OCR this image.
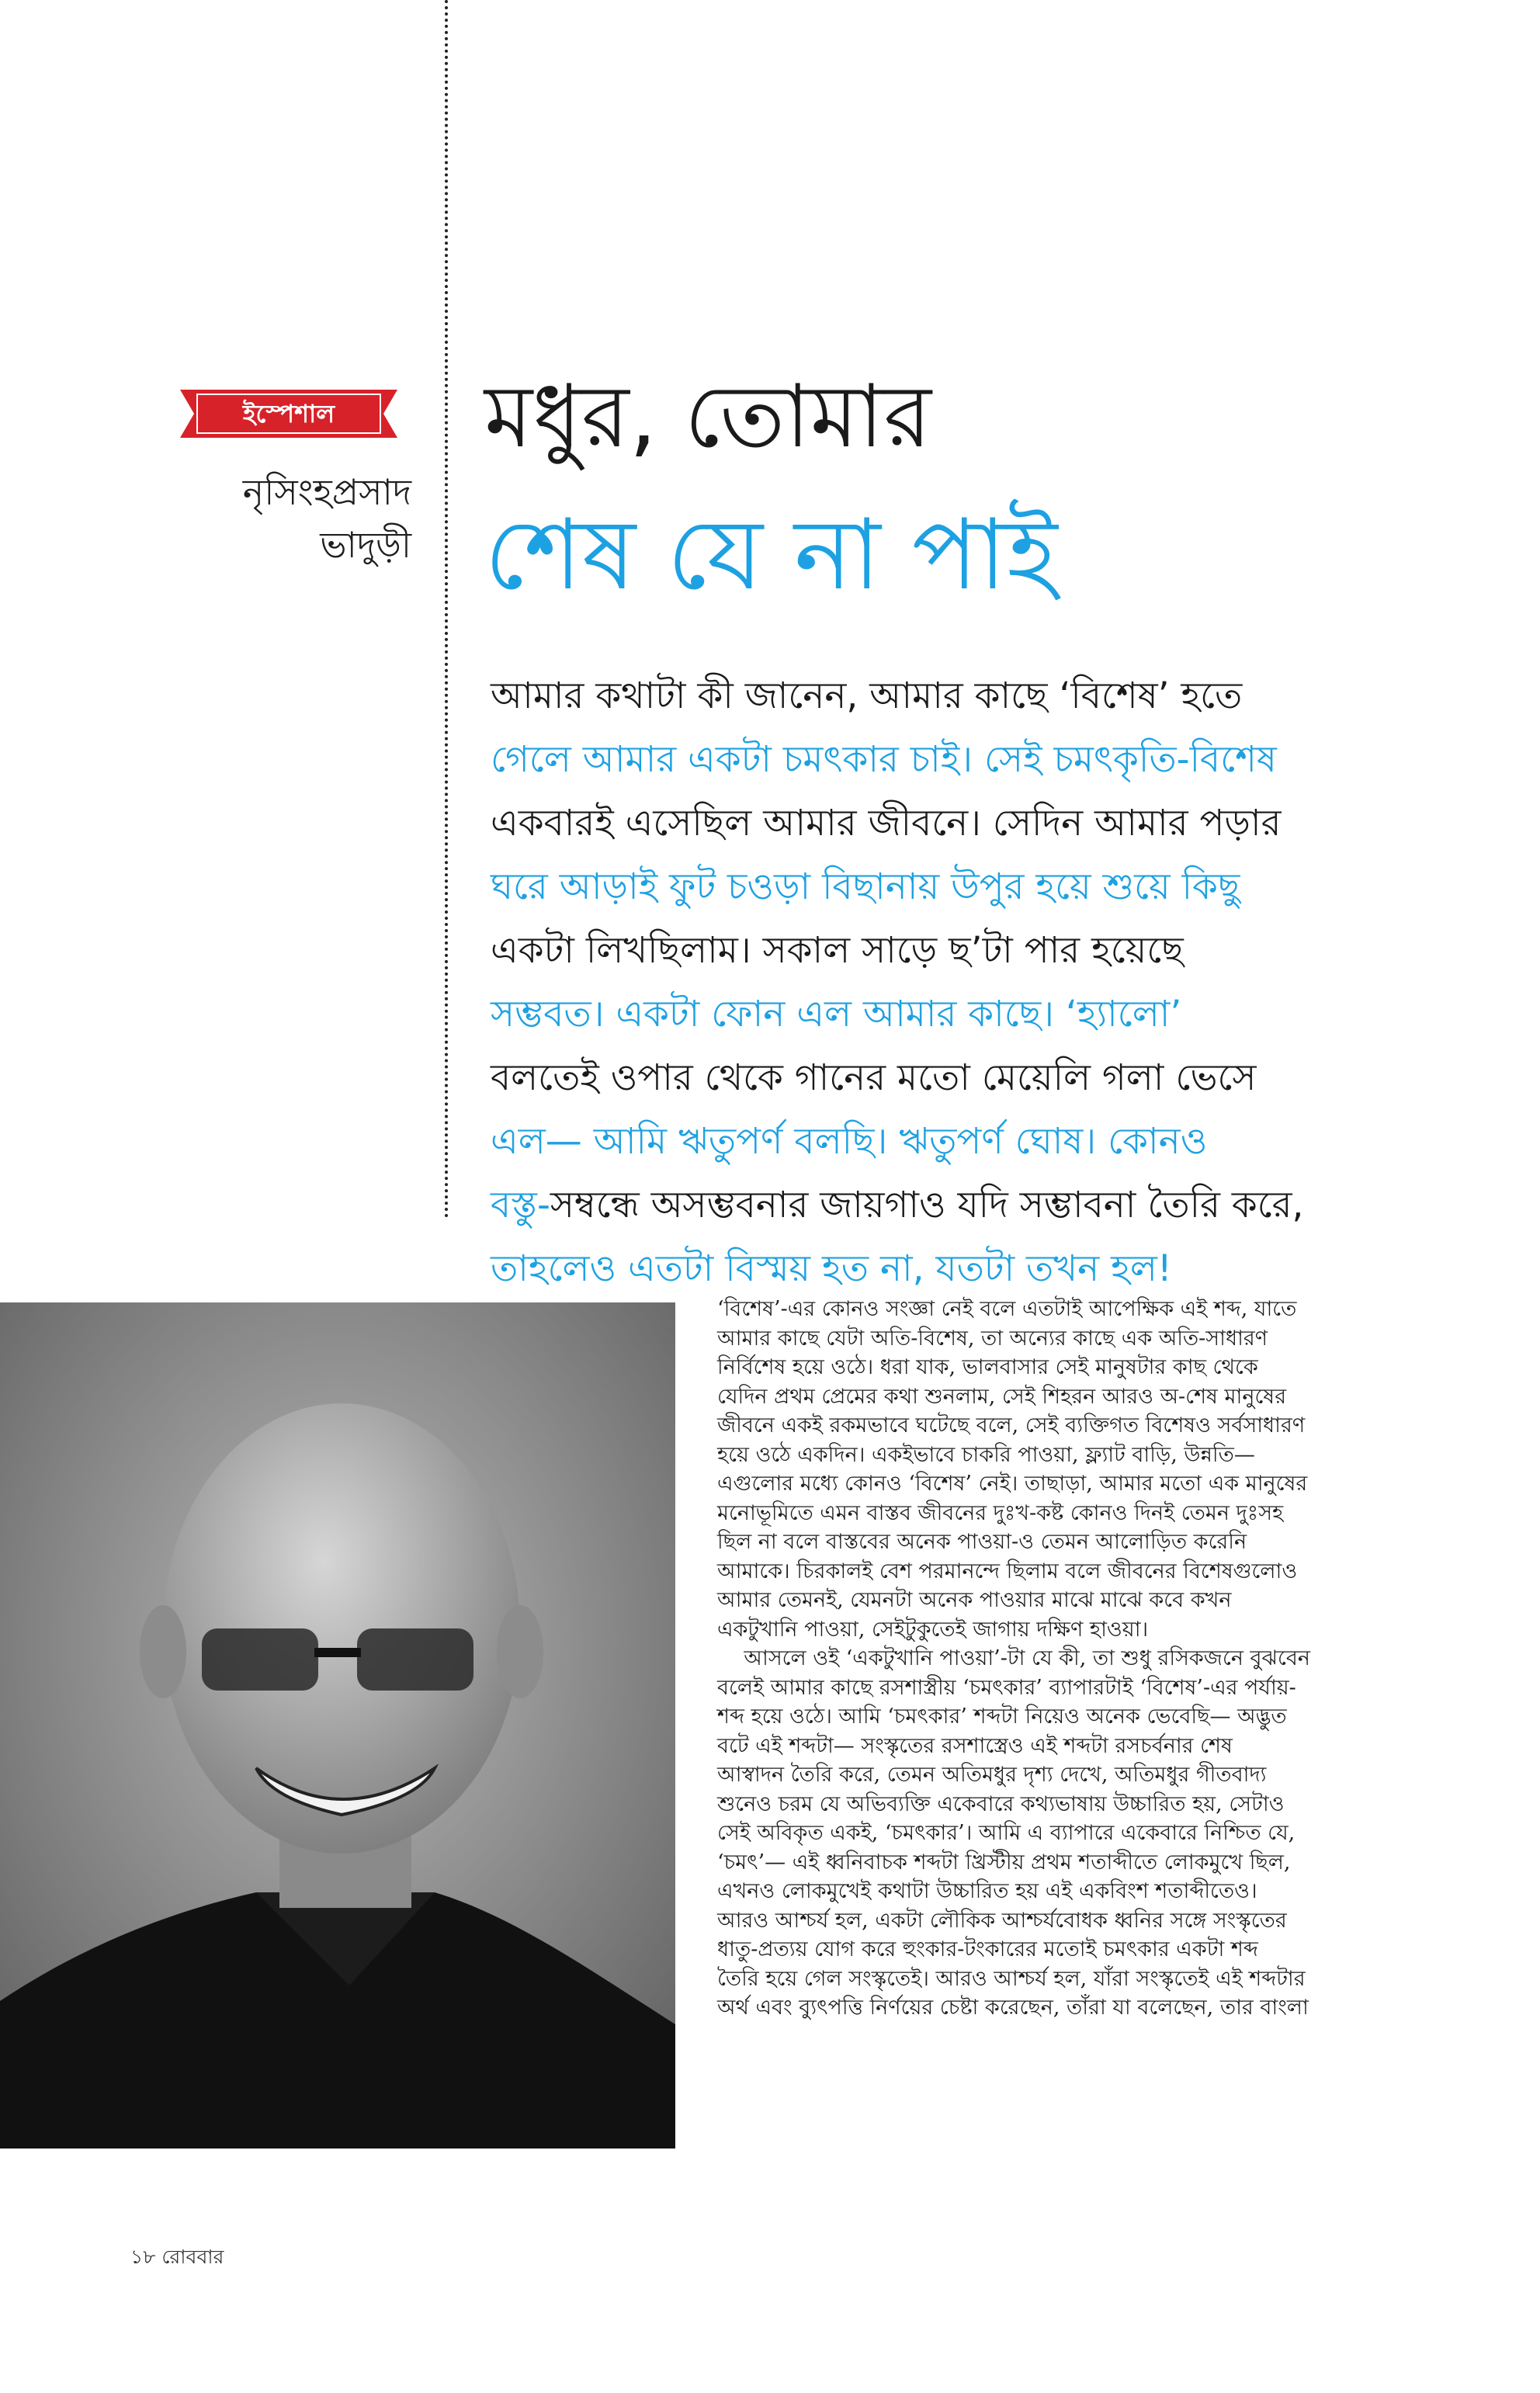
ইস্পেশাল
নৃসিংহপ্রসাদ
ভাদুড়ী
মধুর, তোমার
শেষ যে না পাই
আমার কথাটা কী জানেন, আমার কাছে ‘বিশেষ’ হতে
গেলে আমার একটা চমৎকার চাই। সেই চমৎকৃতি-বিশেষ
একবারই এসেছিল আমার জীবনে। সেদিন আমার পড়ার
ঘরে আড়াই ফুট চওড়া বিছানায় উপুর হয়ে শুয়ে কিছু
একটা লিখছিলাম। সকাল সাড়ে ছ’টা পার হয়েছে
সম্ভবত। একটা ফোন এল আমার কাছে। ‘হ্যালো’
বলতেই ওপার থেকে গানের মতো মেয়েলি গলা ভেসে
এল— আমি ঋতুপর্ণ বলছি। ঋতুপর্ণ ঘোষ। কোনও
বস্তু-সম্বন্ধে অসম্ভবনার জায়গাও যদি সম্ভাবনা তৈরি করে,
তাহলেও এতটা বিস্ময় হত না, যতটা তখন হল!
‘বিশেষ’-এর কোনও সংজ্ঞা নেই বলে এতটাই আপেক্ষিক এই শব্দ, যাতে
আমার কাছে যেটা অতি-বিশেষ, তা অন্যের কাছে এক অতি-সাধারণ
নির্বিশেষ হয়ে ওঠে। ধরা যাক, ভালবাসার সেই মানুষটার কাছ থেকে
যেদিন প্রথম প্রেমের কথা শুনলাম, সেই শিহরন আরও অ-শেষ মানুষের
জীবনে একই রকমভাবে ঘটেছে বলে, সেই ব্যক্তিগত বিশেষও সর্বসাধারণ
হয়ে ওঠে একদিন। একইভাবে চাকরি পাওয়া, ফ্ল্যাট বাড়ি, উন্নতি—
এগুলোর মধ্যে কোনও ‘বিশেষ’ নেই। তাছাড়া, আমার মতো এক মানুষের
মনোভূমিতে এমন বাস্তব জীবনের দুঃখ-কষ্ট কোনও দিনই তেমন দুঃসহ
ছিল না বলে বাস্তবের অনেক পাওয়া-ও তেমন আলোড়িত করেনি
আমাকে। চিরকালই বেশ পরমানন্দে ছিলাম বলে জীবনের বিশেষগুলোও
আমার তেমনই, যেমনটা অনেক পাওয়ার মাঝে মাঝে কবে কখন
একটুখানি পাওয়া, সেইটুকুতেই জাগায় দক্ষিণ হাওয়া।
আসলে ওই ‘একটুখানি পাওয়া’-টা যে কী, তা শুধু রসিকজনে বুঝবেন
বলেই আমার কাছে রসশাস্ত্রীয় ‘চমৎকার’ ব্যাপারটাই ‘বিশেষ’-এর পর্যায়-
শব্দ হয়ে ওঠে। আমি ‘চমৎকার’ শব্দটা নিয়েও অনেক ভেবেছি— অদ্ভুত
বটে এই শব্দটা— সংস্কৃতের রসশাস্ত্রেও এই শব্দটা রসচর্বনার শেষ
আস্বাদন তৈরি করে, তেমন অতিমধুর দৃশ্য দেখে, অতিমধুর গীতবাদ্য
শুনেও চরম যে অভিব্যক্তি একেবারে কথ্যভাষায় উচ্চারিত হয়, সেটাও
সেই অবিকৃত একই, ‘চমৎকার’। আমি এ ব্যাপারে একেবারে নিশ্চিত যে,
‘চমৎ’— এই ধ্বনিবাচক শব্দটা খ্রিস্টীয় প্রথম শতাব্দীতে লোকমুখে ছিল,
এখনও লোকমুখেই কথাটা উচ্চারিত হয় এই একবিংশ শতাব্দীতেও।
আরও আশ্চর্য হল, একটা লৌকিক আশ্চর্যবোধক ধ্বনির সঙ্গে সংস্কৃতের
ধাতু-প্রত্যয় যোগ করে হুংকার-টংকারের মতোই চমৎকার একটা শব্দ
তৈরি হয়ে গেল সংস্কৃতেই। আরও আশ্চর্য হল, যাঁরা সংস্কৃতেই এই শব্দটার
অর্থ এবং ব্যুৎপত্তি নির্ণয়ের চেষ্টা করেছেন, তাঁরা যা বলেছেন, তার বাংলা
১৮ রোববার
